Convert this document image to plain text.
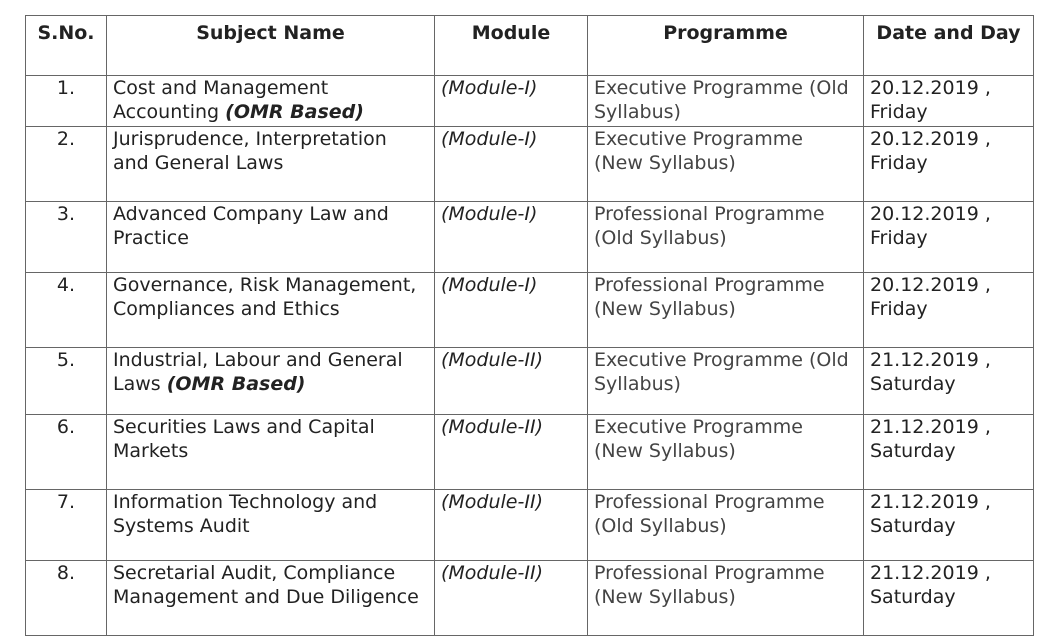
S.No.	Subject Name	Module	Programme	Date and Day
1.	Cost and Management Accounting (OMR Based)	(Module-I)	Executive Programme (Old Syllabus)	20.12.2019 , Friday
2.	Jurisprudence, Interpretation and General Laws	(Module-I)	Executive Programme (New Syllabus)	20.12.2019 , Friday
3.	Advanced Company Law and Practice	(Module-I)	Professional Programme (Old Syllabus)	20.12.2019 , Friday
4.	Governance, Risk Management, Compliances and Ethics	(Module-I)	Professional Programme (New Syllabus)	20.12.2019 , Friday
5.	Industrial, Labour and General Laws (OMR Based)	(Module-II)	Executive Programme (Old Syllabus)	21.12.2019 , Saturday
6.	Securities Laws and Capital Markets	(Module-II)	Executive Programme (New Syllabus)	21.12.2019 , Saturday
7.	Information Technology and Systems Audit	(Module-II)	Professional Programme (Old Syllabus)	21.12.2019 , Saturday
8.	Secretarial Audit, Compliance Management and Due Diligence	(Module-II)	Professional Programme (New Syllabus)	21.12.2019 , Saturday
